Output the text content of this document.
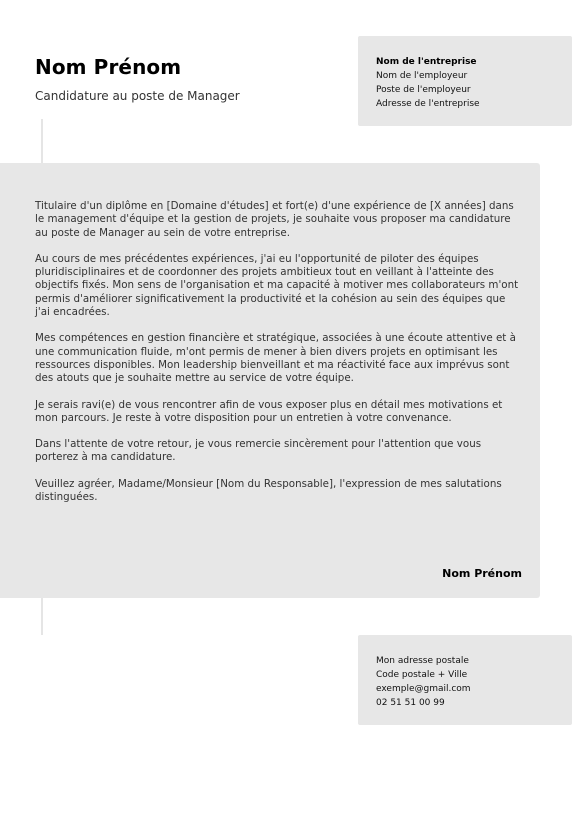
Nom Prénom

Candidature au poste de Manager

Nom de l'entreprise
Nom de l'employeur
Poste de l'employeur
Adresse de l'entreprise

Titulaire d'un diplôme en [Domaine d'études] et fort(e) d'une expérience de [X années] dans le management d'équipe et la gestion de projets, je souhaite vous proposer ma candidature au poste de Manager au sein de votre entreprise.

Au cours de mes précédentes expériences, j'ai eu l'opportunité de piloter des équipes pluridisciplinaires et de coordonner des projets ambitieux tout en veillant à l'atteinte des objectifs fixés. Mon sens de l'organisation et ma capacité à motiver mes collaborateurs m'ont permis d'améliorer significativement la productivité et la cohésion au sein des équipes que j'ai encadrées.

Mes compétences en gestion financière et stratégique, associées à une écoute attentive et à une communication fluide, m'ont permis de mener à bien divers projets en optimisant les ressources disponibles. Mon leadership bienveillant et ma réactivité face aux imprévus sont des atouts que je souhaite mettre au service de votre équipe.

Je serais ravi(e) de vous rencontrer afin de vous exposer plus en détail mes motivations et mon parcours. Je reste à votre disposition pour un entretien à votre convenance.

Dans l'attente de votre retour, je vous remercie sincèrement pour l'attention que vous porterez à ma candidature.

Veuillez agréer, Madame/Monsieur [Nom du Responsable], l'expression de mes salutations distinguées.

Nom Prénom
Mon adresse postale
Code postale + Ville
exemple@gmail.com
02 51 51 00 99
